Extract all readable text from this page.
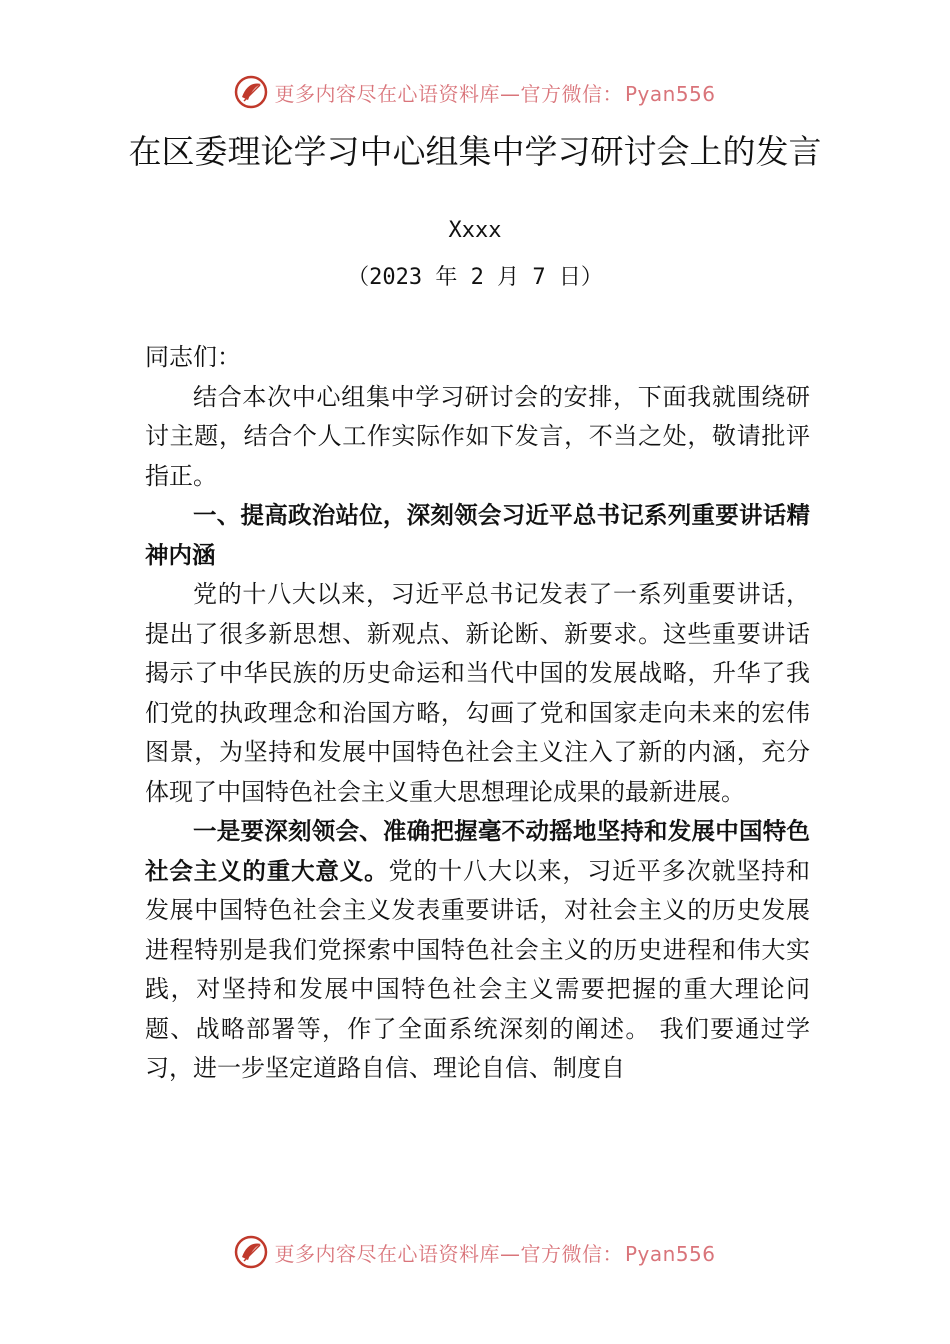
更多内容尽在心语资料库—官方微信： Pyan556
在区委理论学习中心组集中学习研讨会上的发言
Xxxx
（2023 年 2 月 7 日）

同志们：

结合本次中心组集中学习研讨会的安排，下面我就围绕研讨主题，结合个人工作实际作如下发言，不当之处，敬请批评指正。

一、提高政治站位，深刻领会习近平总书记系列重要讲话精神内涵

党的十八大以来，习近平总书记发表了一系列重要讲话，提出了很多新思想、新观点、新论断、新要求。这些重要讲话揭示了中华民族的历史命运和当代中国的发展战略，升华了我们党的执政理念和治国方略，勾画了党和国家走向未来的宏伟图景，为坚持和发展中国特色社会主义注入了新的内涵，充分体现了中国特色社会主义重大思想理论成果的最新进展。

一是要深刻领会、准确把握毫不动摇地坚持和发展中国特色社会主义的重大意义。党的十八大以来，习近平多次就坚持和发展中国特色社会主义发表重要讲话，对社会主义的历史发展进程特别是我们党探索中国特色社会主义的历史进程和伟大实践，对坚持和发展中国特色社会主义需要把握的重大理论问题、战略部署等，作了全面系统深刻的阐述。 我们要通过学习，进一步坚定道路自信、理论自信、制度自

更多内容尽在心语资料库—官方微信： Pyan556
